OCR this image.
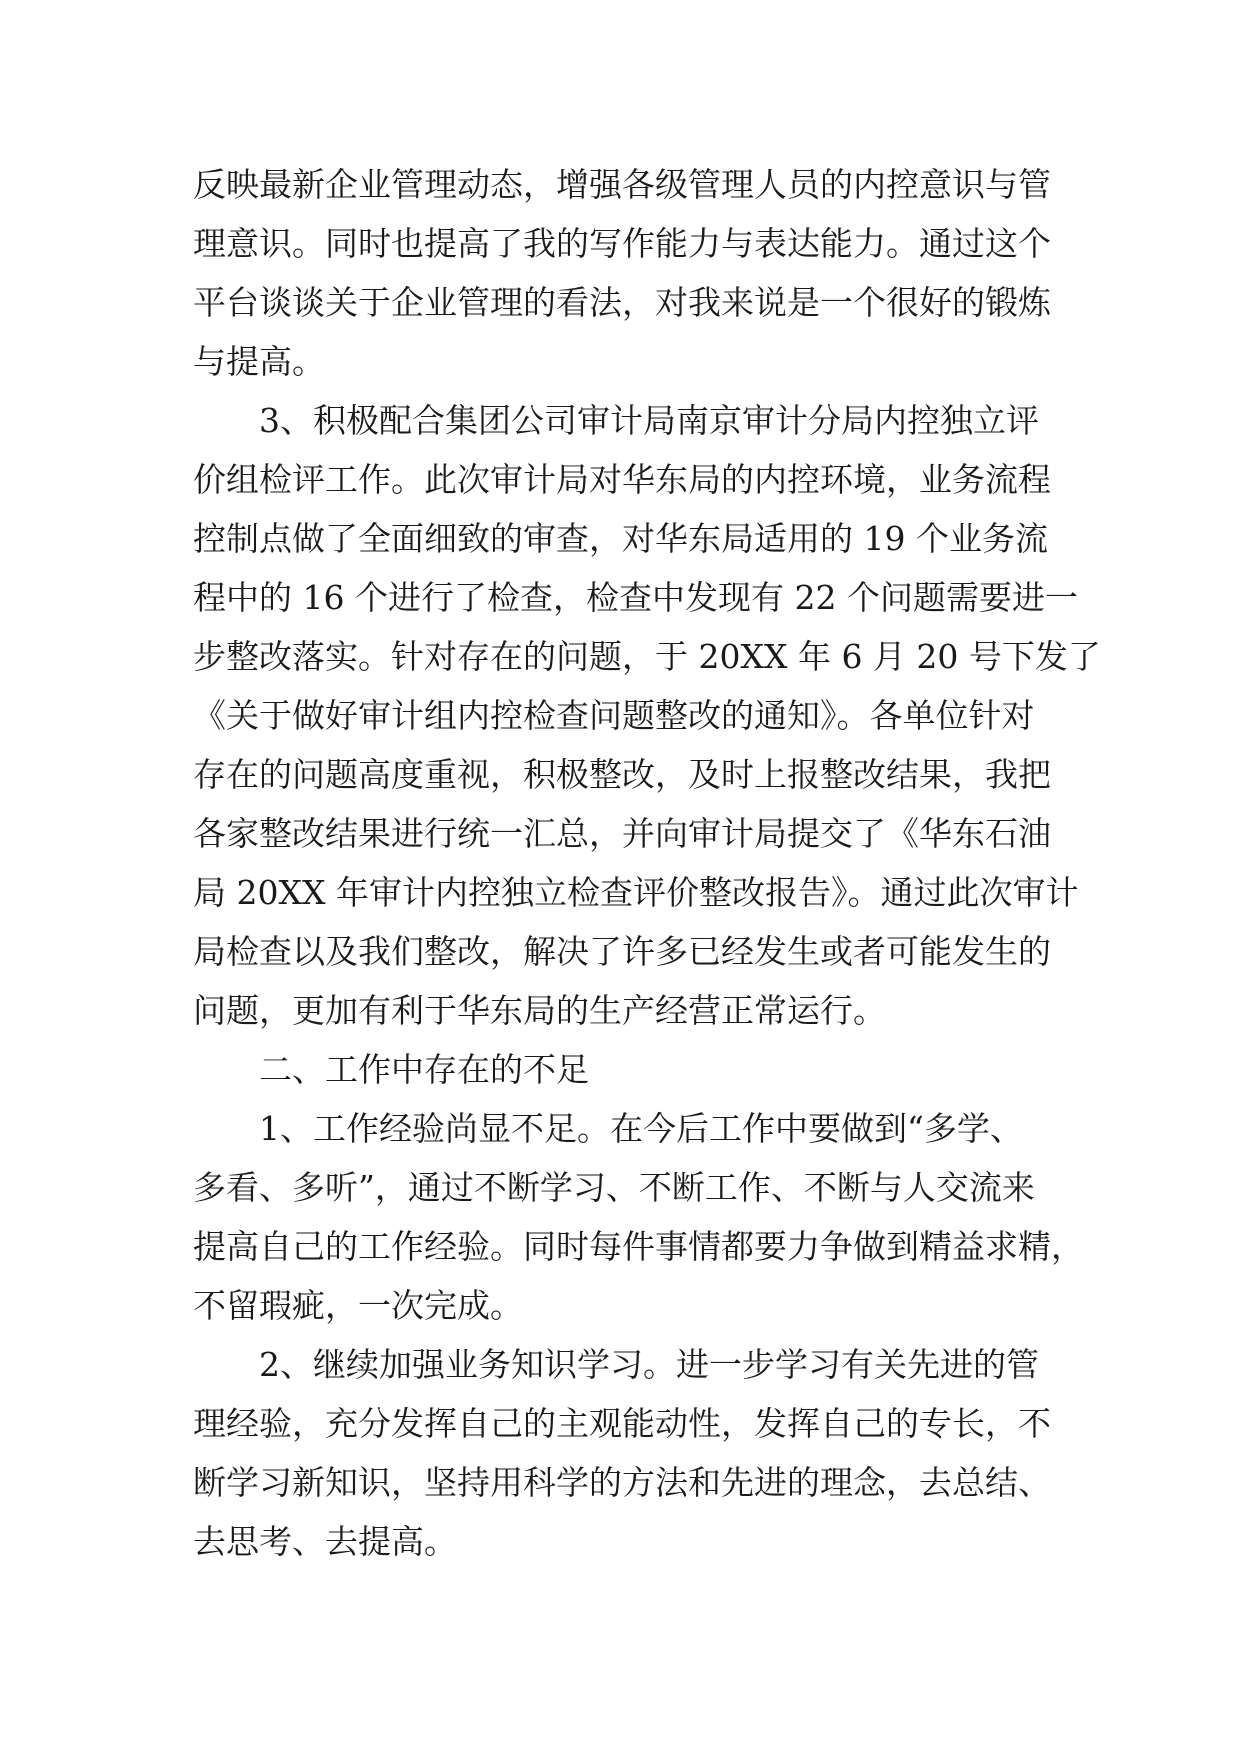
反映最新企业管理动态，增强各级管理人员的内控意识与管
理意识。同时也提高了我的写作能力与表达能力。通过这个
平台谈谈关于企业管理的看法，对我来说是一个很好的锻炼
与提高。
3、积极配合集团公司审计局南京审计分局内控独立评
价组检评工作。此次审计局对华东局的内控环境，业务流程
控制点做了全面细致的审查，对华东局适用的 19 个业务流
程中的 16 个进行了检查，检查中发现有 22 个问题需要进一
步整改落实。针对存在的问题，于 20XX 年 6 月 20 号下发了
《关于做好审计组内控检查问题整改的通知》。各单位针对
存在的问题高度重视，积极整改，及时上报整改结果，我把
各家整改结果进行统一汇总，并向审计局提交了《华东石油
局 20XX 年审计内控独立检查评价整改报告》。通过此次审计
局检查以及我们整改，解决了许多已经发生或者可能发生的
问题，更加有利于华东局的生产经营正常运行。
二、工作中存在的不足
1、工作经验尚显不足。在今后工作中要做到“多学、
多看、多听”，通过不断学习、不断工作、不断与人交流来
提高自己的工作经验。同时每件事情都要力争做到精益求精，
不留瑕疵，一次完成。
2、继续加强业务知识学习。进一步学习有关先进的管
理经验，充分发挥自己的主观能动性，发挥自己的专长，不
断学习新知识，坚持用科学的方法和先进的理念，去总结、
去思考、去提高。
